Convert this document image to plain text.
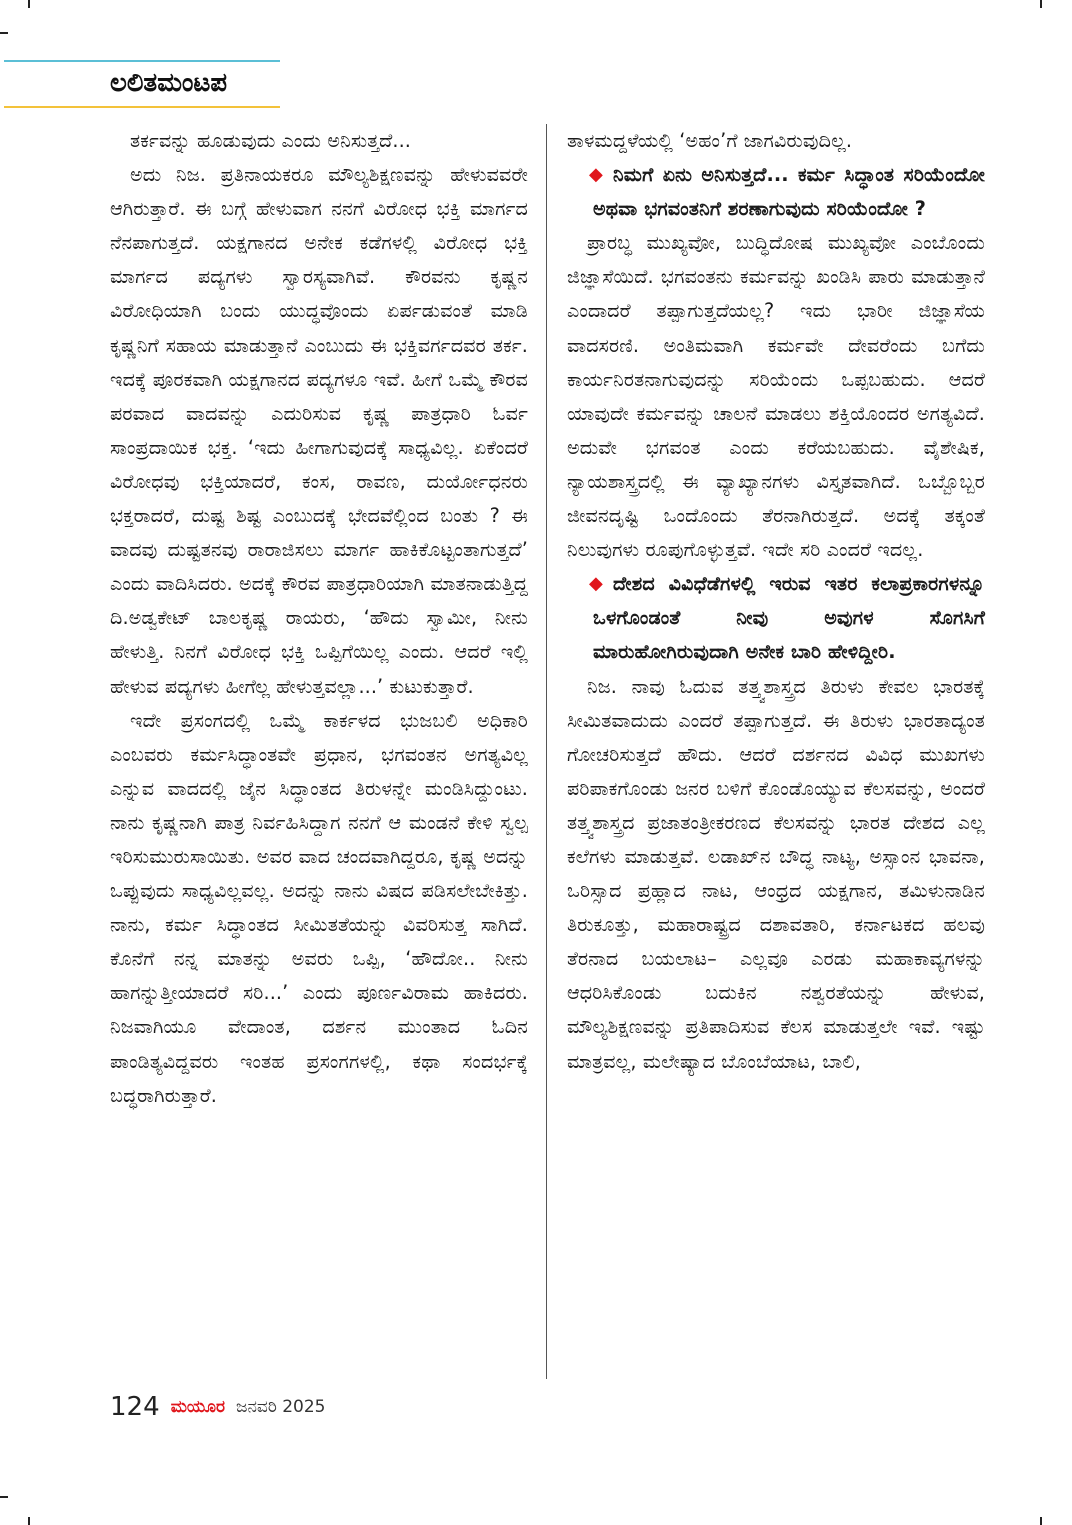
ಲಲಿತಮಂಟಪ

ತರ್ಕವನ್ನು ಹೂಡುವುದು ಎಂದು ಅನಿಸುತ್ತದೆ...

ಅದು ನಿಜ. ಪ್ರತಿನಾಯಕರೂ ಮೌಲ್ಯಶಿಕ್ಷಣವನ್ನು ಹೇಳುವವರೇ ಆಗಿರುತ್ತಾರೆ. ಈ ಬಗ್ಗೆ ಹೇಳುವಾಗ ನನಗೆ ವಿರೋಧ ಭಕ್ತಿ ಮಾರ್ಗದ ನೆನಪಾಗುತ್ತದೆ. ಯಕ್ಷಗಾನದ ಅನೇಕ ಕಡೆಗಳಲ್ಲಿ ವಿರೋಧ ಭಕ್ತಿ ಮಾರ್ಗದ ಪದ್ಯಗಳು ಸ್ವಾರಸ್ಯವಾಗಿವೆ. ಕೌರವನು ಕೃಷ್ಣನ ವಿರೋಧಿಯಾಗಿ ಬಂದು ಯುದ್ಧವೊಂದು ಏರ್ಪಡುವಂತೆ ಮಾಡಿ ಕೃಷ್ಣನಿಗೆ ಸಹಾಯ ಮಾಡುತ್ತಾನೆ ಎಂಬುದು ಈ ಭಕ್ತಿವರ್ಗದವರ ತರ್ಕ. ಇದಕ್ಕೆ ಪೂರಕವಾಗಿ ಯಕ್ಷಗಾನದ ಪದ್ಯಗಳೂ ಇವೆ. ಹೀಗೆ ಒಮ್ಮೆ ಕೌರವ ಪರವಾದ ವಾದವನ್ನು ಎದುರಿಸುವ ಕೃಷ್ಣ ಪಾತ್ರಧಾರಿ ಓರ್ವ ಸಾಂಪ್ರದಾಯಿಕ ಭಕ್ತ. ‘ಇದು ಹೀಗಾಗುವುದಕ್ಕೆ ಸಾಧ್ಯವಿಲ್ಲ. ಏಕೆಂದರೆ ವಿರೋಧವು ಭಕ್ತಿಯಾದರೆ, ಕಂಸ, ರಾವಣ, ದುರ್ಯೋಧನರು ಭಕ್ತರಾದರೆ, ದುಷ್ಟ ಶಿಷ್ಟ ಎಂಬುದಕ್ಕೆ ಭೇದವೆಲ್ಲಿಂದ ಬಂತು ? ಈ ವಾದವು ದುಷ್ಟತನವು ರಾರಾಜಿಸಲು ಮಾರ್ಗ ಹಾಕಿಕೊಟ್ಟಂತಾಗುತ್ತದೆ’ ಎಂದು ವಾದಿಸಿದರು. ಅದಕ್ಕೆ ಕೌರವ ಪಾತ್ರಧಾರಿಯಾಗಿ ಮಾತನಾಡುತ್ತಿದ್ದ ದಿ.ಅಡ್ವಕೇಟ್ ಬಾಲಕೃಷ್ಣ ರಾಯರು, ‘ಹೌದು ಸ್ವಾಮೀ, ನೀನು ಹೇಳುತ್ತಿ. ನಿನಗೆ ವಿರೋಧ ಭಕ್ತಿ ಒಪ್ಪಿಗೆಯಿಲ್ಲ ಎಂದು. ಆದರೆ ಇಲ್ಲಿ ಹೇಳುವ ಪದ್ಯಗಳು ಹೀಗೆಲ್ಲ ಹೇಳುತ್ತವಲ್ಲಾ...’ ಕುಟುಕುತ್ತಾರೆ.

ಇದೇ ಪ್ರಸಂಗದಲ್ಲಿ ಒಮ್ಮೆ ಕಾರ್ಕಳದ ಭುಜಬಲಿ ಅಧಿಕಾರಿ ಎಂಬವರು ಕರ್ಮಸಿದ್ಧಾಂತವೇ ಪ್ರಧಾನ, ಭಗವಂತನ ಅಗತ್ಯವಿಲ್ಲ ಎನ್ನುವ ವಾದದಲ್ಲಿ ಜೈನ ಸಿದ್ಧಾಂತದ ತಿರುಳನ್ನೇ ಮಂಡಿಸಿದ್ದುಂಟು. ನಾನು ಕೃಷ್ಣನಾಗಿ ಪಾತ್ರ ನಿರ್ವಹಿಸಿದ್ದಾಗ ನನಗೆ ಆ ಮಂಡನೆ ಕೇಳಿ ಸ್ವಲ್ಪ ಇರಿಸುಮುರುಸಾಯಿತು. ಅವರ ವಾದ ಚಂದವಾಗಿದ್ದರೂ, ಕೃಷ್ಣ ಅದನ್ನು ಒಪ್ಪುವುದು ಸಾಧ್ಯವಿಲ್ಲವಲ್ಲ. ಅದನ್ನು ನಾನು ವಿಷದ ಪಡಿಸಲೇಬೇಕಿತ್ತು. ನಾನು, ಕರ್ಮ ಸಿದ್ಧಾಂತದ ಸೀಮಿತತೆಯನ್ನು ವಿವರಿಸುತ್ತ ಸಾಗಿದೆ. ಕೊನೆಗೆ ನನ್ನ ಮಾತನ್ನು ಅವರು ಒಪ್ಪಿ, ‘ಹೌದೋ.. ನೀನು ಹಾಗನ್ನುತ್ತೀಯಾದರೆ ಸರಿ...’ ಎಂದು ಪೂರ್ಣವಿರಾಮ ಹಾಕಿದರು. ನಿಜವಾಗಿಯೂ ವೇದಾಂತ, ದರ್ಶನ ಮುಂತಾದ ಓದಿನ ಪಾಂಡಿತ್ಯವಿದ್ದವರು ಇಂತಹ ಪ್ರಸಂಗಗಳಲ್ಲಿ, ಕಥಾ ಸಂದರ್ಭಕ್ಕೆ ಬದ್ಧರಾಗಿರುತ್ತಾರೆ.

ತಾಳಮದ್ದಳೆಯಲ್ಲಿ ‘ಅಹಂ’ಗೆ ಜಾಗವಿರುವುದಿಲ್ಲ.

◆ ನಿಮಗೆ ಏನು ಅನಿಸುತ್ತದೆ... ಕರ್ಮ ಸಿದ್ಧಾಂತ ಸರಿಯೆಂದೋ ಅಥವಾ ಭಗವಂತನಿಗೆ ಶರಣಾಗುವುದು ಸರಿಯೆಂದೋ ?

ಪ್ರಾರಬ್ಧ ಮುಖ್ಯವೋ, ಬುದ್ಧಿದೋಷ ಮುಖ್ಯವೋ ಎಂಬೊಂದು ಜಿಜ್ಞಾಸೆಯಿದೆ. ಭಗವಂತನು ಕರ್ಮವನ್ನು ಖಂಡಿಸಿ ಪಾರು ಮಾಡುತ್ತಾನೆ ಎಂದಾದರೆ ತಪ್ಪಾಗುತ್ತದೆಯಲ್ಲ? ಇದು ಭಾರೀ ಜಿಜ್ಞಾಸೆಯ ವಾದಸರಣಿ. ಅಂತಿಮವಾಗಿ ಕರ್ಮವೇ ದೇವರೆಂದು ಬಗೆದು ಕಾರ್ಯನಿರತನಾಗುವುದನ್ನು ಸರಿಯೆಂದು ಒಪ್ಪಬಹುದು. ಆದರೆ ಯಾವುದೇ ಕರ್ಮವನ್ನು ಚಾಲನೆ ಮಾಡಲು ಶಕ್ತಿಯೊಂದರ ಅಗತ್ಯವಿದೆ. ಅದುವೇ ಭಗವಂತ ಎಂದು ಕರೆಯಬಹುದು. ವೈಶೇಷಿಕ, ನ್ಯಾಯಶಾಸ್ತ್ರದಲ್ಲಿ ಈ ವ್ಯಾಖ್ಯಾನಗಳು ವಿಸ್ತೃತವಾಗಿದೆ. ಒಬ್ಬೊಬ್ಬರ ಜೀವನದೃಷ್ಟಿ ಒಂದೊಂದು ತೆರನಾಗಿರುತ್ತದೆ. ಅದಕ್ಕೆ ತಕ್ಕಂತೆ ನಿಲುವುಗಳು ರೂಪುಗೊಳ್ಳುತ್ತವೆ. ಇದೇ ಸರಿ ಎಂದರೆ ಇದಲ್ಲ.

◆ ದೇಶದ ವಿವಿಧೆಡೆಗಳಲ್ಲಿ ಇರುವ ಇತರ ಕಲಾಪ್ರಕಾರಗಳನ್ನೂ ಒಳಗೊಂಡಂತೆ ನೀವು ಅವುಗಳ ಸೊಗಸಿಗೆ ಮಾರುಹೋಗಿರುವುದಾಗಿ ಅನೇಕ ಬಾರಿ ಹೇಳಿದ್ದೀರಿ.

ನಿಜ. ನಾವು ಓದುವ ತತ್ತ್ವಶಾಸ್ತ್ರದ ತಿರುಳು ಕೇವಲ ಭಾರತಕ್ಕೆ ಸೀಮಿತವಾದುದು ಎಂದರೆ ತಪ್ಪಾಗುತ್ತದೆ. ಈ ತಿರುಳು ಭಾರತಾದ್ಯಂತ ಗೋಚರಿಸುತ್ತದೆ ಹೌದು. ಆದರೆ ದರ್ಶನದ ವಿವಿಧ ಮುಖಗಳು ಪರಿಪಾಕಗೊಂಡು ಜನರ ಬಳಿಗೆ ಕೊಂಡೊಯ್ಯುವ ಕೆಲಸವನ್ನು, ಅಂದರೆ ತತ್ತ್ವಶಾಸ್ತ್ರದ ಪ್ರಜಾತಂತ್ರೀಕರಣದ ಕೆಲಸವನ್ನು ಭಾರತ ದೇಶದ ಎಲ್ಲ ಕಲೆಗಳು ಮಾಡುತ್ತವೆ. ಲಡಾಖ್‌ನ ಬೌದ್ಧ ನಾಟ್ಯ, ಅಸ್ಸಾಂನ ಭಾವನಾ, ಒರಿಸ್ಸಾದ ಪ್ರಹ್ಲಾದ ನಾಟ, ಆಂಧ್ರದ ಯಕ್ಷಗಾನ, ತಮಿಳುನಾಡಿನ ತಿರುಕೂತ್ತು, ಮಹಾರಾಷ್ಟ್ರದ ದಶಾವತಾರಿ, ಕರ್ನಾಟಕದ ಹಲವು ತೆರನಾದ ಬಯಲಾಟ– ಎಲ್ಲವೂ ಎರಡು ಮಹಾಕಾವ್ಯಗಳನ್ನು ಆಧರಿಸಿಕೊಂಡು ಬದುಕಿನ ನಶ್ವರತೆಯನ್ನು ಹೇಳುವ, ಮೌಲ್ಯಶಿಕ್ಷಣವನ್ನು ಪ್ರತಿಪಾದಿಸುವ ಕೆಲಸ ಮಾಡುತ್ತಲೇ ಇವೆ. ಇಷ್ಟು ಮಾತ್ರವಲ್ಲ, ಮಲೇಷ್ಯಾದ ಬೊಂಬೆಯಾಟ, ಬಾಲಿ,

124 ಮಯೂರ ಜನವರಿ 2025
